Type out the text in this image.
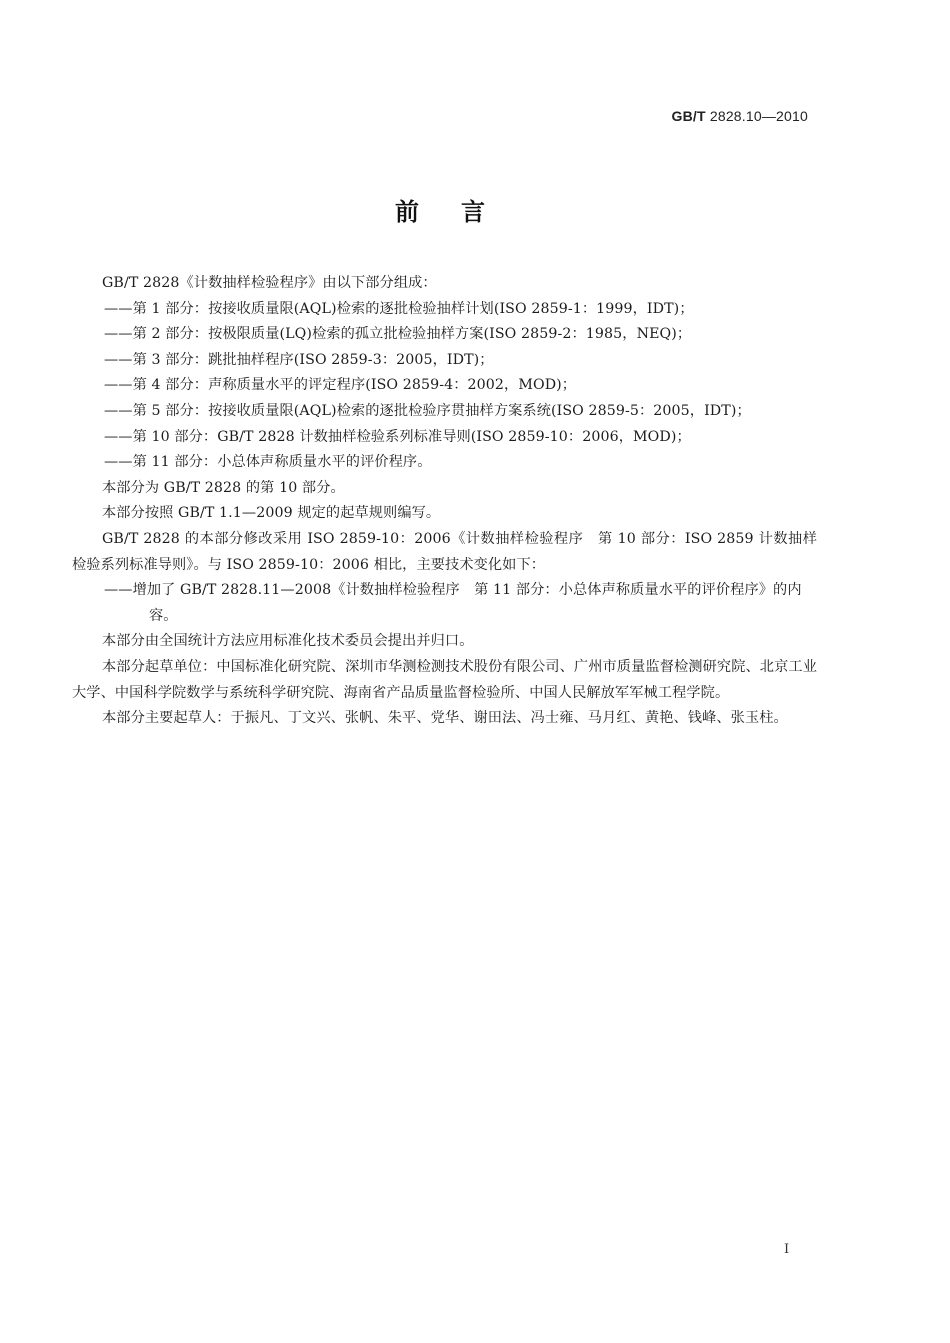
GB/T 2828.10—2010
前言

GB/T 2828《计数抽样检验程序》由以下部分组成：

——第 1 部分：按接收质量限(AQL)检索的逐批检验抽样计划(ISO 2859-1：1999，IDT)；

——第 2 部分：按极限质量(LQ)检索的孤立批检验抽样方案(ISO 2859-2：1985，NEQ)；

——第 3 部分：跳批抽样程序(ISO 2859-3：2005，IDT)；

——第 4 部分：声称质量水平的评定程序(ISO 2859-4：2002，MOD)；

——第 5 部分：按接收质量限(AQL)检索的逐批检验序贯抽样方案系统(ISO 2859-5：2005，IDT)；

——第 10 部分：GB/T 2828 计数抽样检验系列标准导则(ISO 2859-10：2006，MOD)；

——第 11 部分：小总体声称质量水平的评价程序。

本部分为 GB/T 2828 的第 10 部分。

本部分按照 GB/T 1.1—2009 规定的起草规则编写。

GB/T 2828 的本部分修改采用 ISO 2859-10：2006《计数抽样检验程序　第 10 部分：ISO 2859 计数抽样检验系列标准导则》。与 ISO 2859-10：2006 相比，主要技术变化如下：

——增加了 GB/T 2828.11—2008《计数抽样检验程序　第 11 部分：小总体声称质量水平的评价程序》的内容。

本部分由全国统计方法应用标准化技术委员会提出并归口。

本部分起草单位：中国标准化研究院、深圳市华测检测技术股份有限公司、广州市质量监督检测研究院、北京工业大学、中国科学院数学与系统科学研究院、海南省产品质量监督检验所、中国人民解放军军械工程学院。

本部分主要起草人：于振凡、丁文兴、张帆、朱平、党华、谢田法、冯士雍、马月红、黄艳、钱峰、张玉柱。

I
